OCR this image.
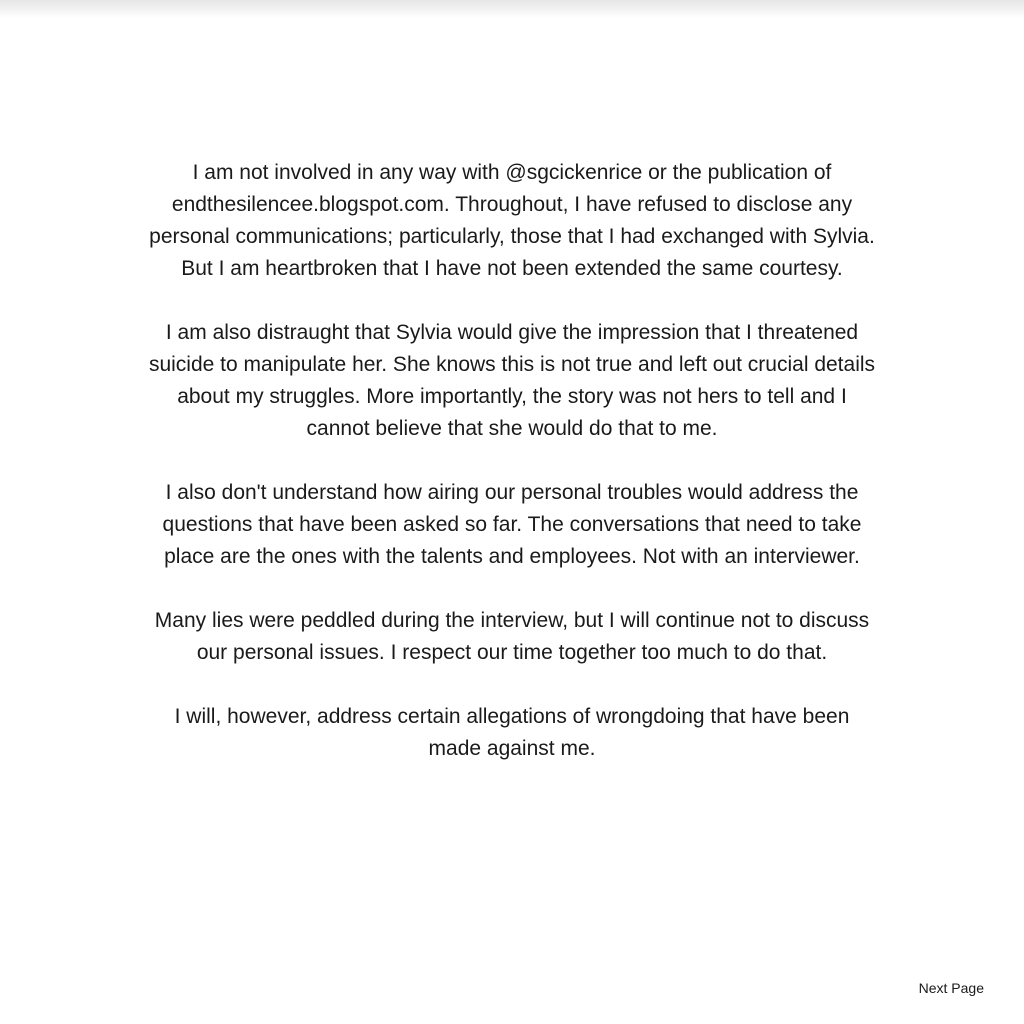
I am not involved in any way with @sgcickenrice or the publication of
endthesilencee.blogspot.com. Throughout, I have refused to disclose any
personal communications; particularly, those that I had exchanged with Sylvia.
But I am heartbroken that I have not been extended the same courtesy.

I am also distraught that Sylvia would give the impression that I threatened
suicide to manipulate her. She knows this is not true and left out crucial details
about my struggles. More importantly, the story was not hers to tell and I
cannot believe that she would do that to me.

I also don't understand how airing our personal troubles would address the
questions that have been asked so far. The conversations that need to take
place are the ones with the talents and employees. Not with an interviewer.

Many lies were peddled during the interview, but I will continue not to discuss
our personal issues. I respect our time together too much to do that.

I will, however, address certain allegations of wrongdoing that have been
made against me.

Next Page
